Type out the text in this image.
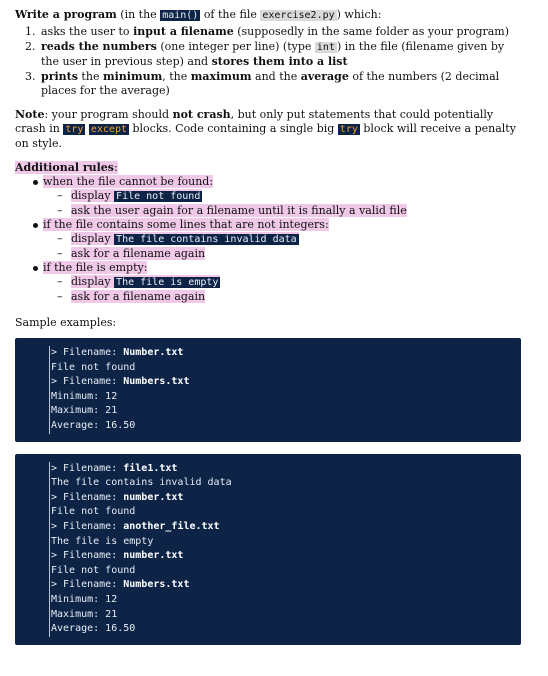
Write a program (in the main() of the file exercise2.py ) which:

1. asks the user to input a filename (supposedly in the same folder as your program)
2. reads the numbers (one integer per line) (type int ) in the file (filename given by the user in previous step) and stores them into a list
3. prints the minimum, the maximum and the average of the numbers (2 decimal places for the average)

Note: your program should not crash, but only put statements that could potentially crash in try except blocks. Code containing a single big try block will receive a penalty on style.

Additional rules:

when the file cannot be found:
– display File not found
– ask the user again for a filename until it is finally a valid file
if the file contains some lines that are not integers:
– display The file contains invalid data
– ask for a filename again
if the file is empty:
– display The file is empty
– ask for a filename again

Sample examples:

> Filename: Number.txt
File not found
> Filename: Numbers.txt
Minimum: 12
Maximum: 21
Average: 16.50
> Filename: file1.txt
The file contains invalid data
> Filename: number.txt
File not found
> Filename: another_file.txt
The file is empty
> Filename: number.txt
File not found
> Filename: Numbers.txt
Minimum: 12
Maximum: 21
Average: 16.50
